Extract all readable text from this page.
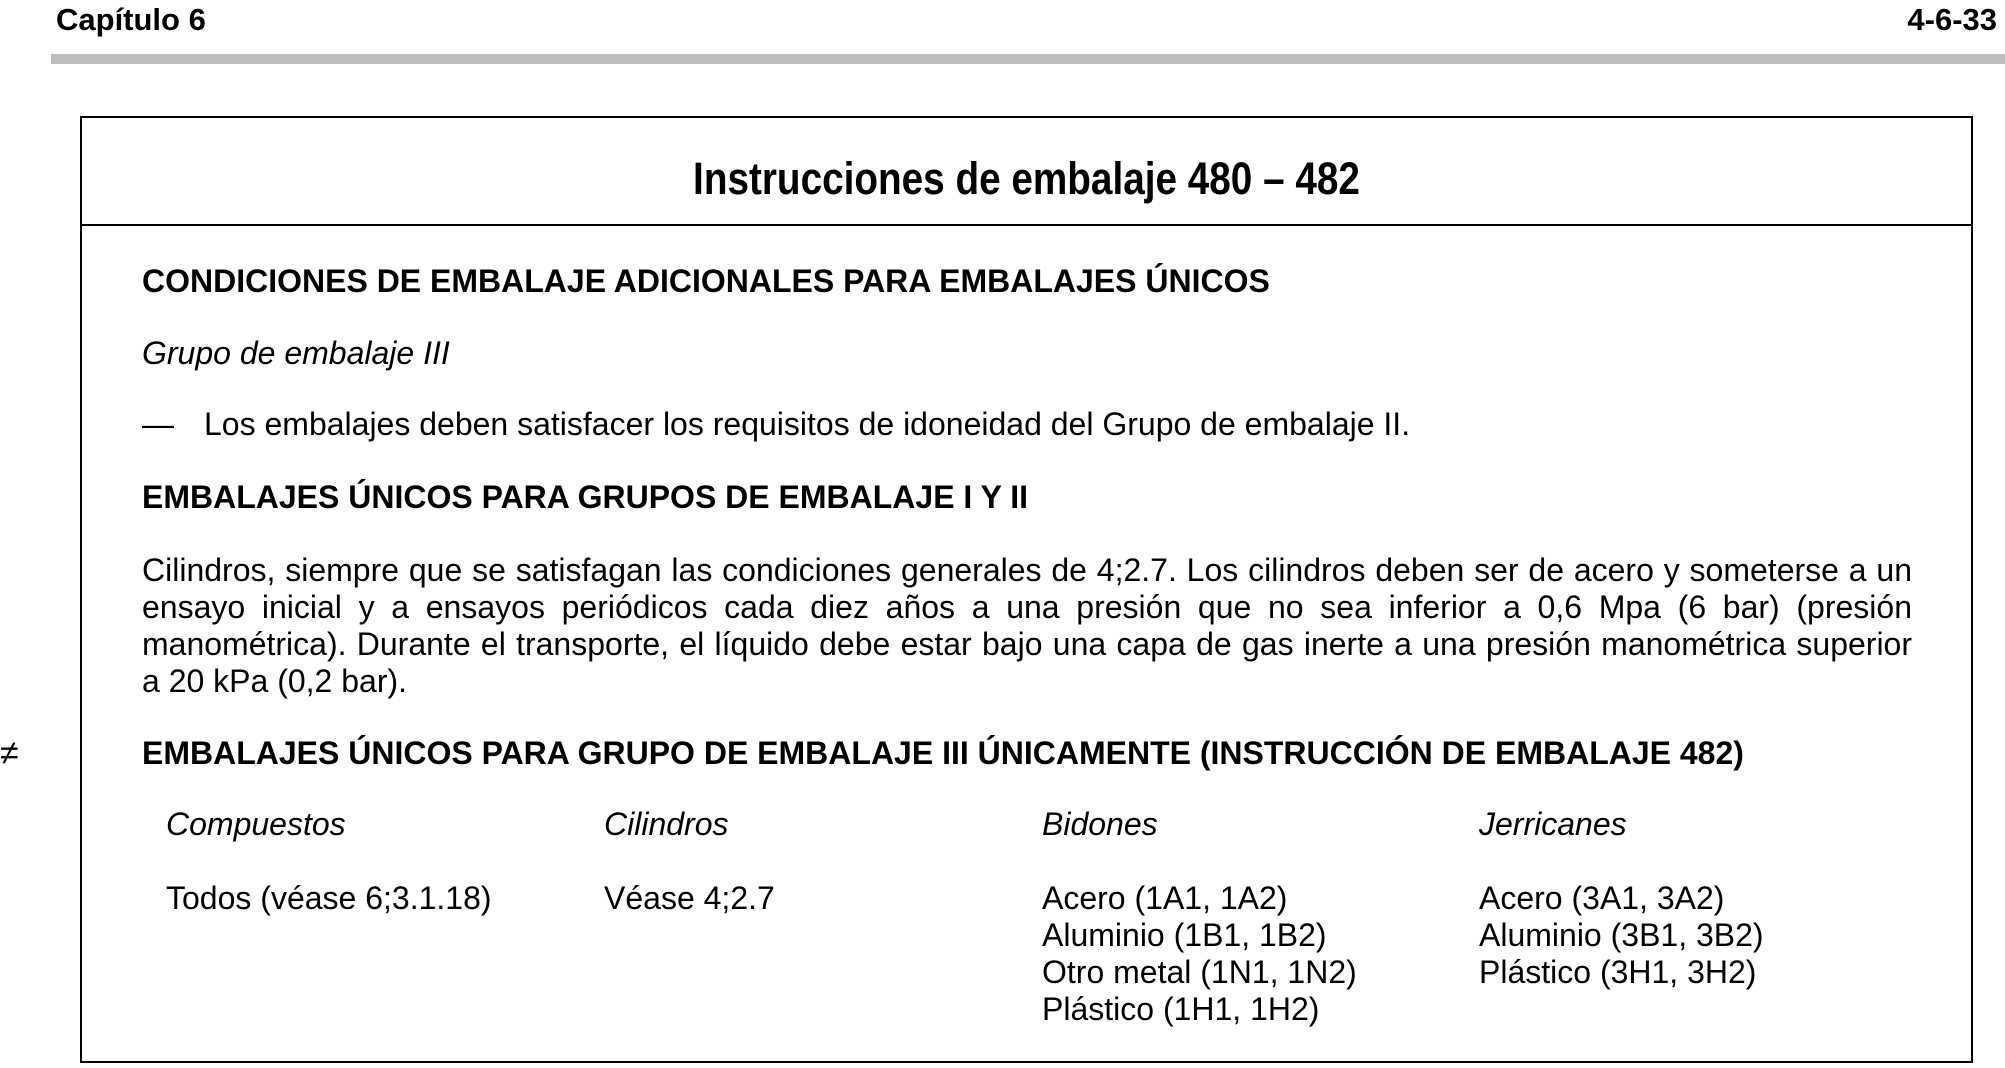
Capítulo 6	4-6-33
≠
Instrucciones de embalaje 480 – 482
CONDICIONES DE EMBALAJE ADICIONALES PARA EMBALAJES ÚNICOS
Grupo de embalaje III
— Los embalajes deben satisfacer los requisitos de idoneidad del Grupo de embalaje II.
EMBALAJES ÚNICOS PARA GRUPOS DE EMBALAJE I Y II
Cilindros, siempre que se satisfagan las condiciones generales de 4;2.7. Los cilindros deben ser de acero y someterse a un ensayo inicial y a ensayos periódicos cada diez años a una presión que no sea inferior a 0,6 Mpa (6 bar) (presión manométrica). Durante el transporte, el líquido debe estar bajo una capa de gas inerte a una presión manométrica superior a 20 kPa (0,2 bar).
EMBALAJES ÚNICOS PARA GRUPO DE EMBALAJE III ÚNICAMENTE (INSTRUCCIÓN DE EMBALAJE 482)
Compuestos
Todos (véase 6;3.1.18)
Cilindros
Véase 4;2.7
Bidones
Acero (1A1, 1A2)
Aluminio (1B1, 1B2)
Otro metal (1N1, 1N2)
Plástico (1H1, 1H2)
Jerricanes
Acero (3A1, 3A2)
Aluminio (3B1, 3B2)
Plástico (3H1, 3H2)
